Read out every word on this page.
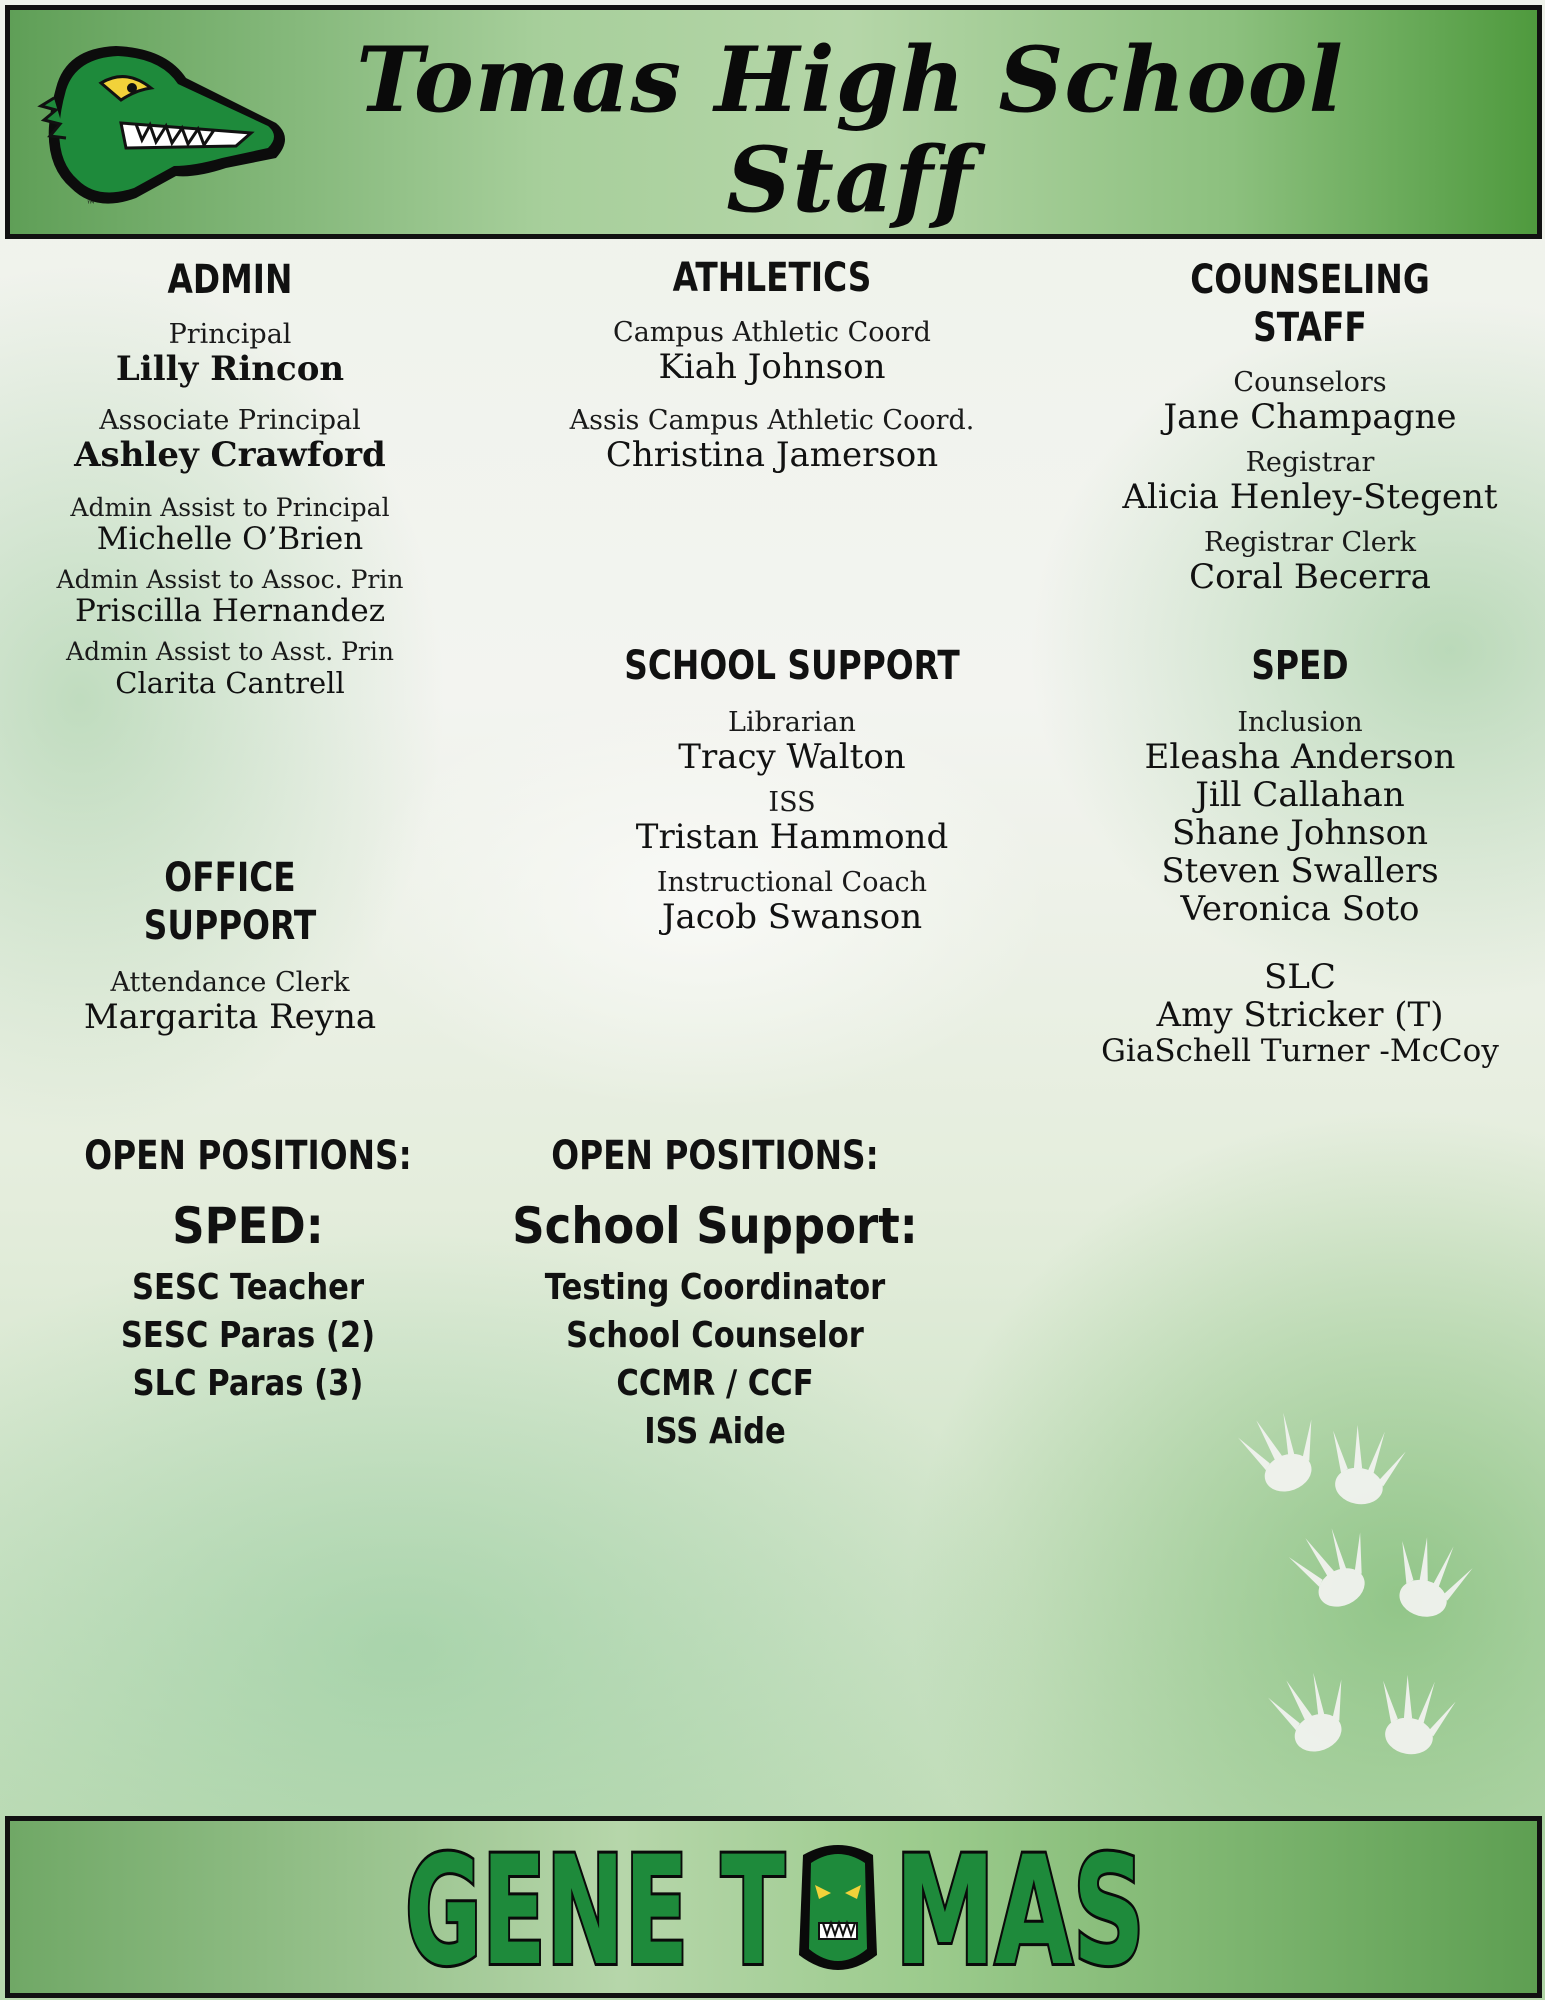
™
Tomas High School
Staff
ADMIN
Principal
Lilly Rincon
Associate Principal
Ashley Crawford
Admin Assist to Principal
Michelle O’Brien
Admin Assist to Assoc. Prin
Priscilla Hernandez
Admin Assist to Asst. Prin
Clarita Cantrell
ATHLETICS
Campus Athletic Coord
Kiah Johnson
Assis Campus Athletic Coord.
Christina Jamerson
COUNSELING STAFF
Counselors
Jane Champagne
Registrar
Alicia Henley-Stegent
Registrar Clerk
Coral Becerra
SCHOOL SUPPORT
Librarian
Tracy Walton
ISS
Tristan Hammond
Instructional Coach
Jacob Swanson
SPED
Inclusion
Eleasha Anderson
Jill Callahan
Shane Johnson
Steven Swallers
Veronica Soto
SLC
Amy Stricker (T)
GiaSchell Turner -McCoy
OFFICE SUPPORT
Attendance Clerk
Margarita Reyna
OPEN POSITIONS:
SPED:
SESC Teacher
SESC Paras (2)
SLC Paras (3)
OPEN POSITIONS:
School Support:
Testing Coordinator
School Counselor
CCMR / CCF
ISS Aide
GENE T MAS
